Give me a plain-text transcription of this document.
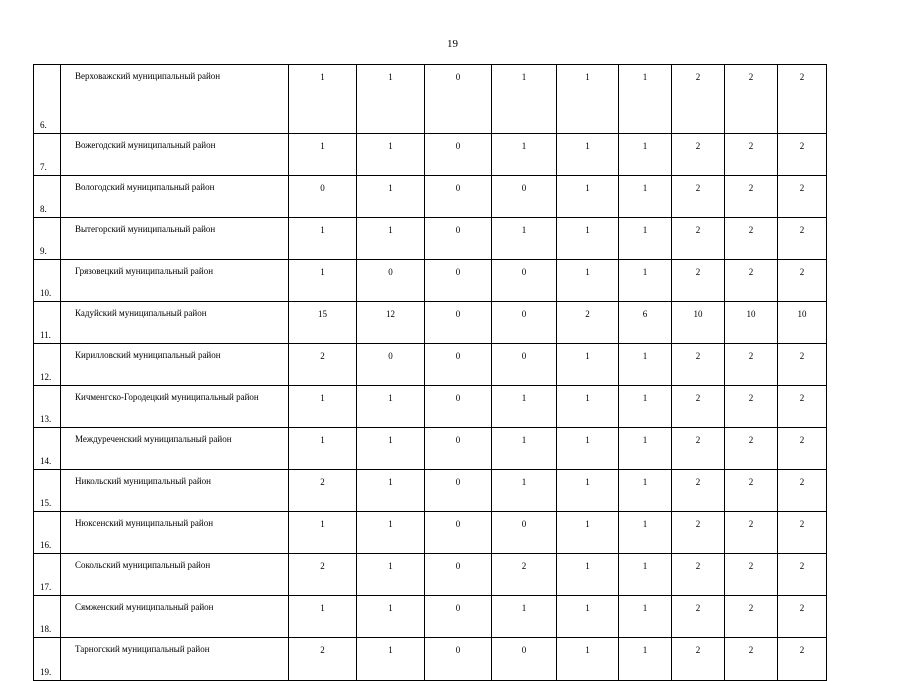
19
6.	Верховажский муниципальный район	1	1	0	1	1	1	2	2	2
7.	Вожегодский муниципальный район	1	1	0	1	1	1	2	2	2
8.	Вологодский муниципальный район	0	1	0	0	1	1	2	2	2
9.	Вытегорский муниципальный район	1	1	0	1	1	1	2	2	2
10.	Грязовецкий муниципальный район	1	0	0	0	1	1	2	2	2
11.	Кадуйский муниципальный район	15	12	0	0	2	6	10	10	10
12.	Кирилловский муниципальный район	2	0	0	0	1	1	2	2	2
13.	Кичменгско-Городецкий муниципальный район	1	1	0	1	1	1	2	2	2
14.	Междуреченский муниципальный район	1	1	0	1	1	1	2	2	2
15.	Никольский муниципальный район	2	1	0	1	1	1	2	2	2
16.	Нюксенский муниципальный район	1	1	0	0	1	1	2	2	2
17.	Сокольский муниципальный район	2	1	0	2	1	1	2	2	2
18.	Сямженский муниципальный район	1	1	0	1	1	1	2	2	2
19.	Тарногский муниципальный район	2	1	0	0	1	1	2	2	2
